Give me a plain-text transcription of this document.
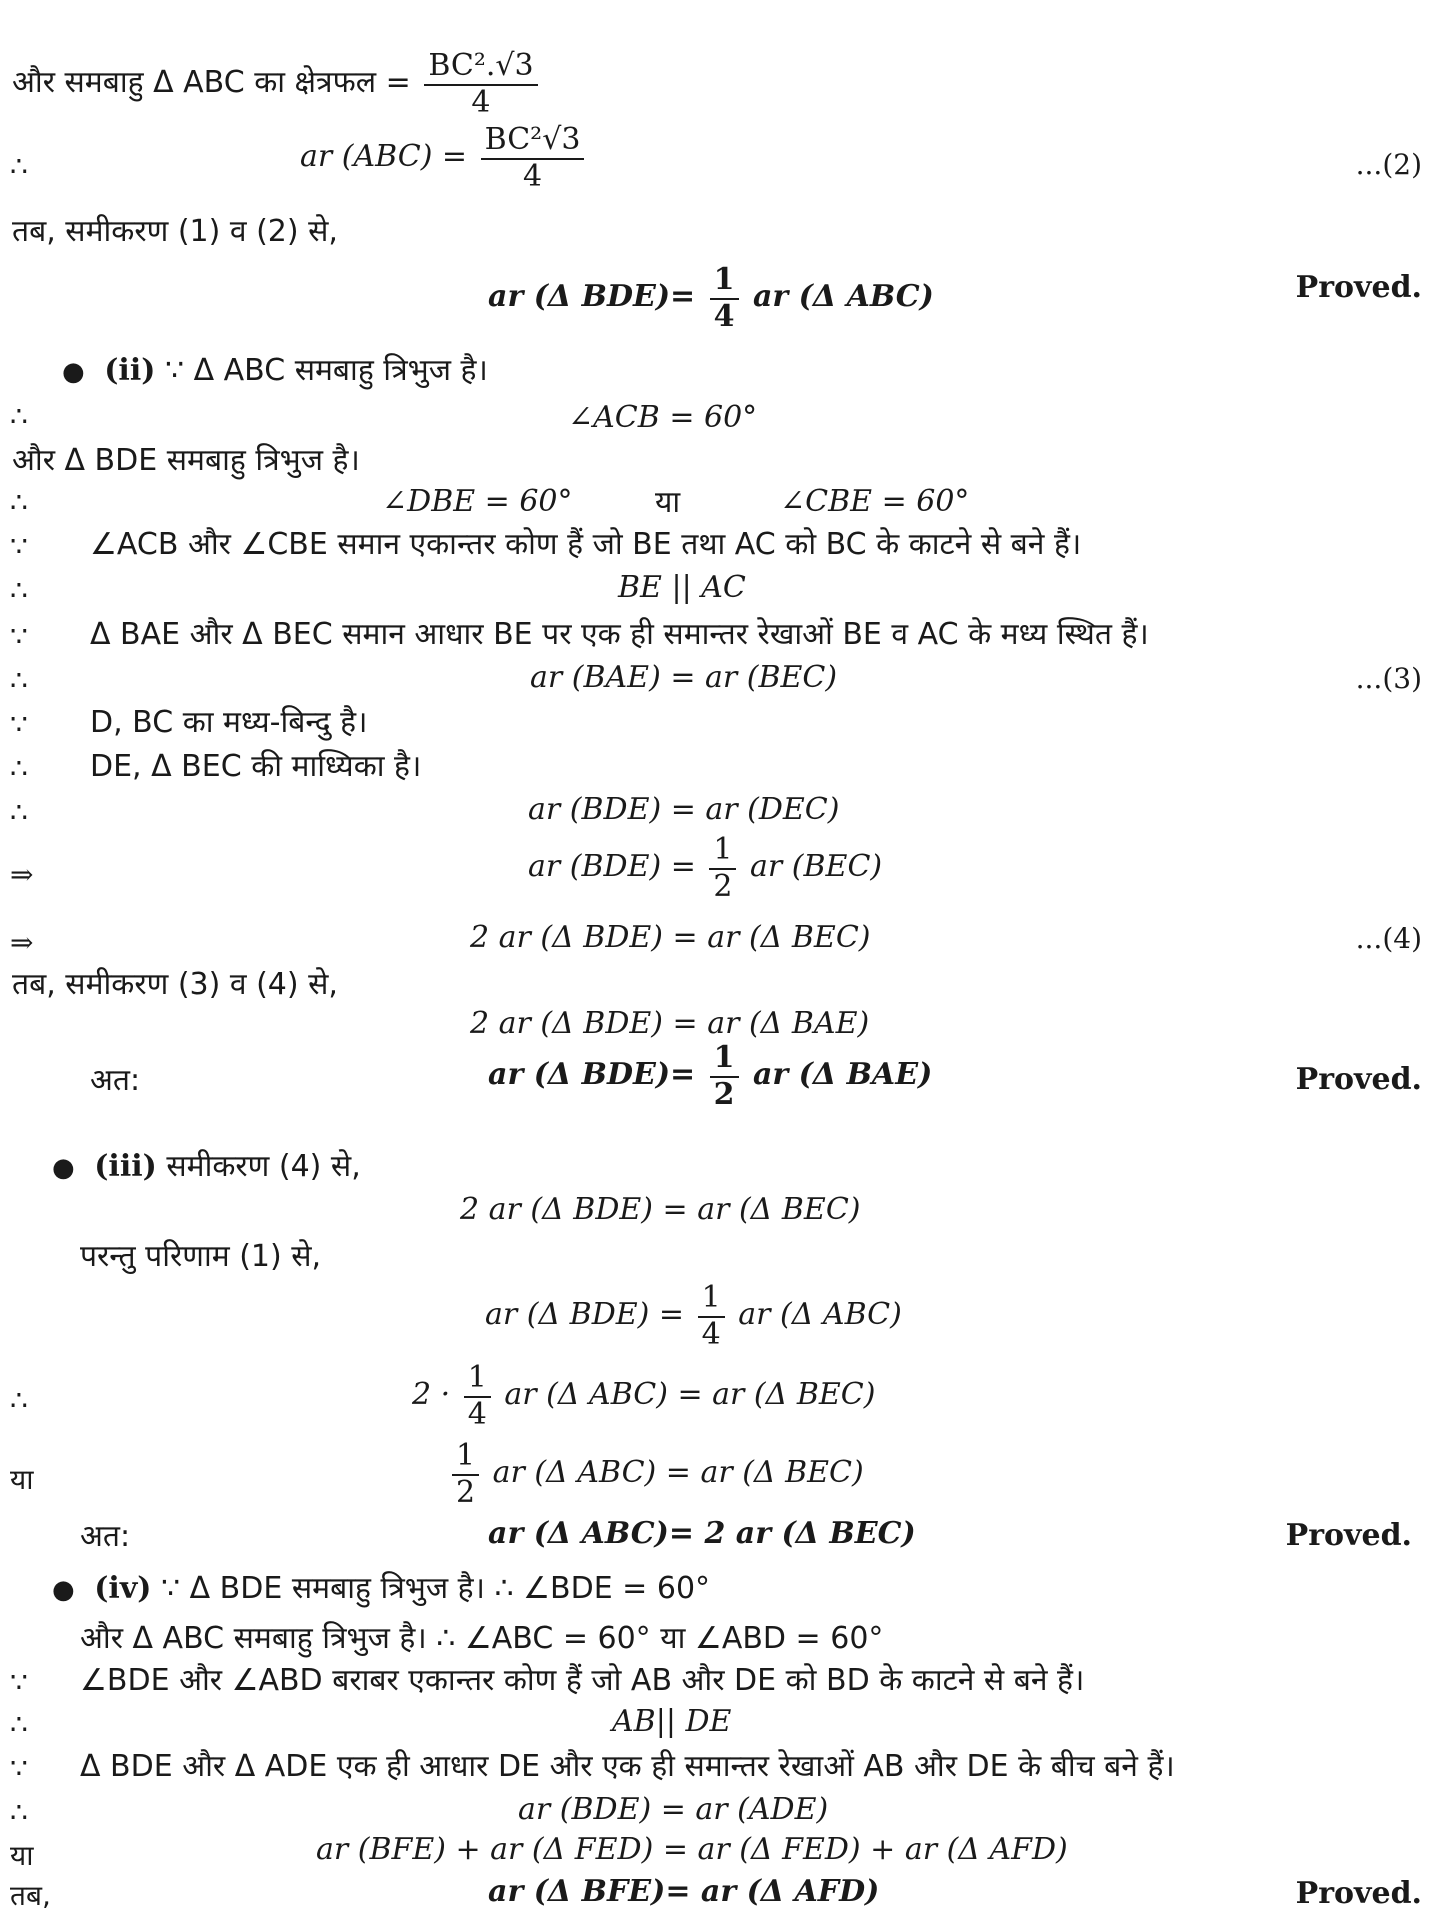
और समबाहु Δ ABC का क्षेत्रफल = $\frac{\text{BC².√3}}{4}$
∴	ar $(ABC) = \frac{\text{BC²√3}}{4}$	...(2)
तब, समीकरण (1) व (2) से,
ar (Δ $BDE)= \frac{1}{4}$ ar (Δ ABC)	Proved.
● (ii) ∵ Δ ABC समबाहु त्रिभुज है।
∴	∠ACB = 60°
और Δ BDE समबाहु त्रिभुज है।
∴	∠DBE = 60°	या	∠CBE = 60°
∵ ∠ACB और ∠CBE समान एकान्तर कोण हैं जो BE तथा AC को BC के काटने से बने हैं।
∴	BE || AC
∵ Δ BAE और Δ BEC समान आधार BE पर एक ही समान्तर रेखाओं BE व AC के मध्य स्थित हैं।
∴	ar (BAE) = ar (BEC)	...(3)
∵ D, BC का मध्य-बिन्दु है।
∴ DE, Δ BEC की माध्यिका है।
∴	ar (BDE) = ar (DEC)
⇒	ar $(BDE) = \frac{1}{2}$ ar (BEC)
⇒	2 ar (Δ BDE) = ar (Δ BEC)	...(4)
तब, समीकरण (3) व (4) से,
2 ar (Δ BDE) = ar (Δ BAE)
अत:	ar (Δ $BDE)= \frac{1}{2}$ ar (Δ BAE)	Proved.
● (iii) समीकरण (4) से,
2 ar (Δ BDE) = ar (Δ BEC)
परन्तु परिणाम (1) से,
ar (Δ $BDE) = \frac{1}{4}$ ar (Δ ABC)
∴	$2 \cdot \frac{1}{4}$ ar (Δ ABC) = ar (Δ BEC)
या	$\frac{1}{2}$ ar (Δ ABC) = ar (Δ BEC)
अत:	ar (Δ ABC)= 2 ar (Δ BEC)	Proved.
● (iv) ∵ Δ BDE समबाहु त्रिभुज है। ∴ ∠BDE = 60°
और Δ ABC समबाहु त्रिभुज है। ∴ ∠ABC = 60° या ∠ABD = 60°
∵ ∠BDE और ∠ABD बराबर एकान्तर कोण हैं जो AB और DE को BD के काटने से बने हैं।
∴	AB|| DE
∵ Δ BDE और Δ ADE एक ही आधार DE और एक ही समान्तर रेखाओं AB और DE के बीच बने हैं।
∴	ar (BDE) = ar (ADE)
या	ar (BFE) + ar (Δ FED) = ar (Δ FED) + ar (Δ AFD)
तब,	ar (Δ BFE)= ar (Δ AFD)	Proved.
